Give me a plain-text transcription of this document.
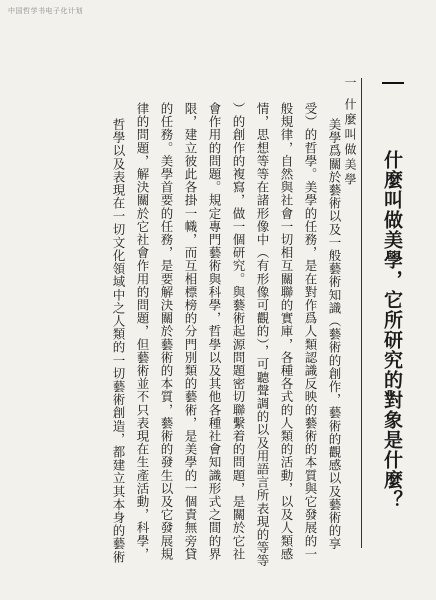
中国哲学书电子化计划
一 什麼叫做美學
什麼叫做美學，它所研究的對象是什麼？
美學爲關於藝術以及一般藝術知識（藝術的創作，藝術的觀感以及藝術的享
受）的哲學。美學的任務，是在對作爲人類認識反映的藝術的本質與它發展的一
般規律，自然與社會一切相互關聯的實庫，各種各式的人類的活動，以及人類感
情，思想等等在諸形像中（有形像可觀的），可聽聲調的以及用語言所表現的等等
）的創作的複寫，做一個研究。與藝術起源問題密切聯繫着的問題，是關於它社
會作用的問題。規定專門藝術與科學，哲學以及其他各種社會知識形式之間的界
限，建立彼此各掛一幟，而互相標榜的分門別類的藝術，是美學的一個責無旁貸
的任務。美學首要的任務，是要解決關於藝術的本質，藝術的發生以及它發展規
律的問題，解決關於它社會作用的問題，但藝術並不只表現在生產活動，科學，
哲學以及表現在一切文化領域中之人類的一切藝術創造，都建立其本身的藝術
